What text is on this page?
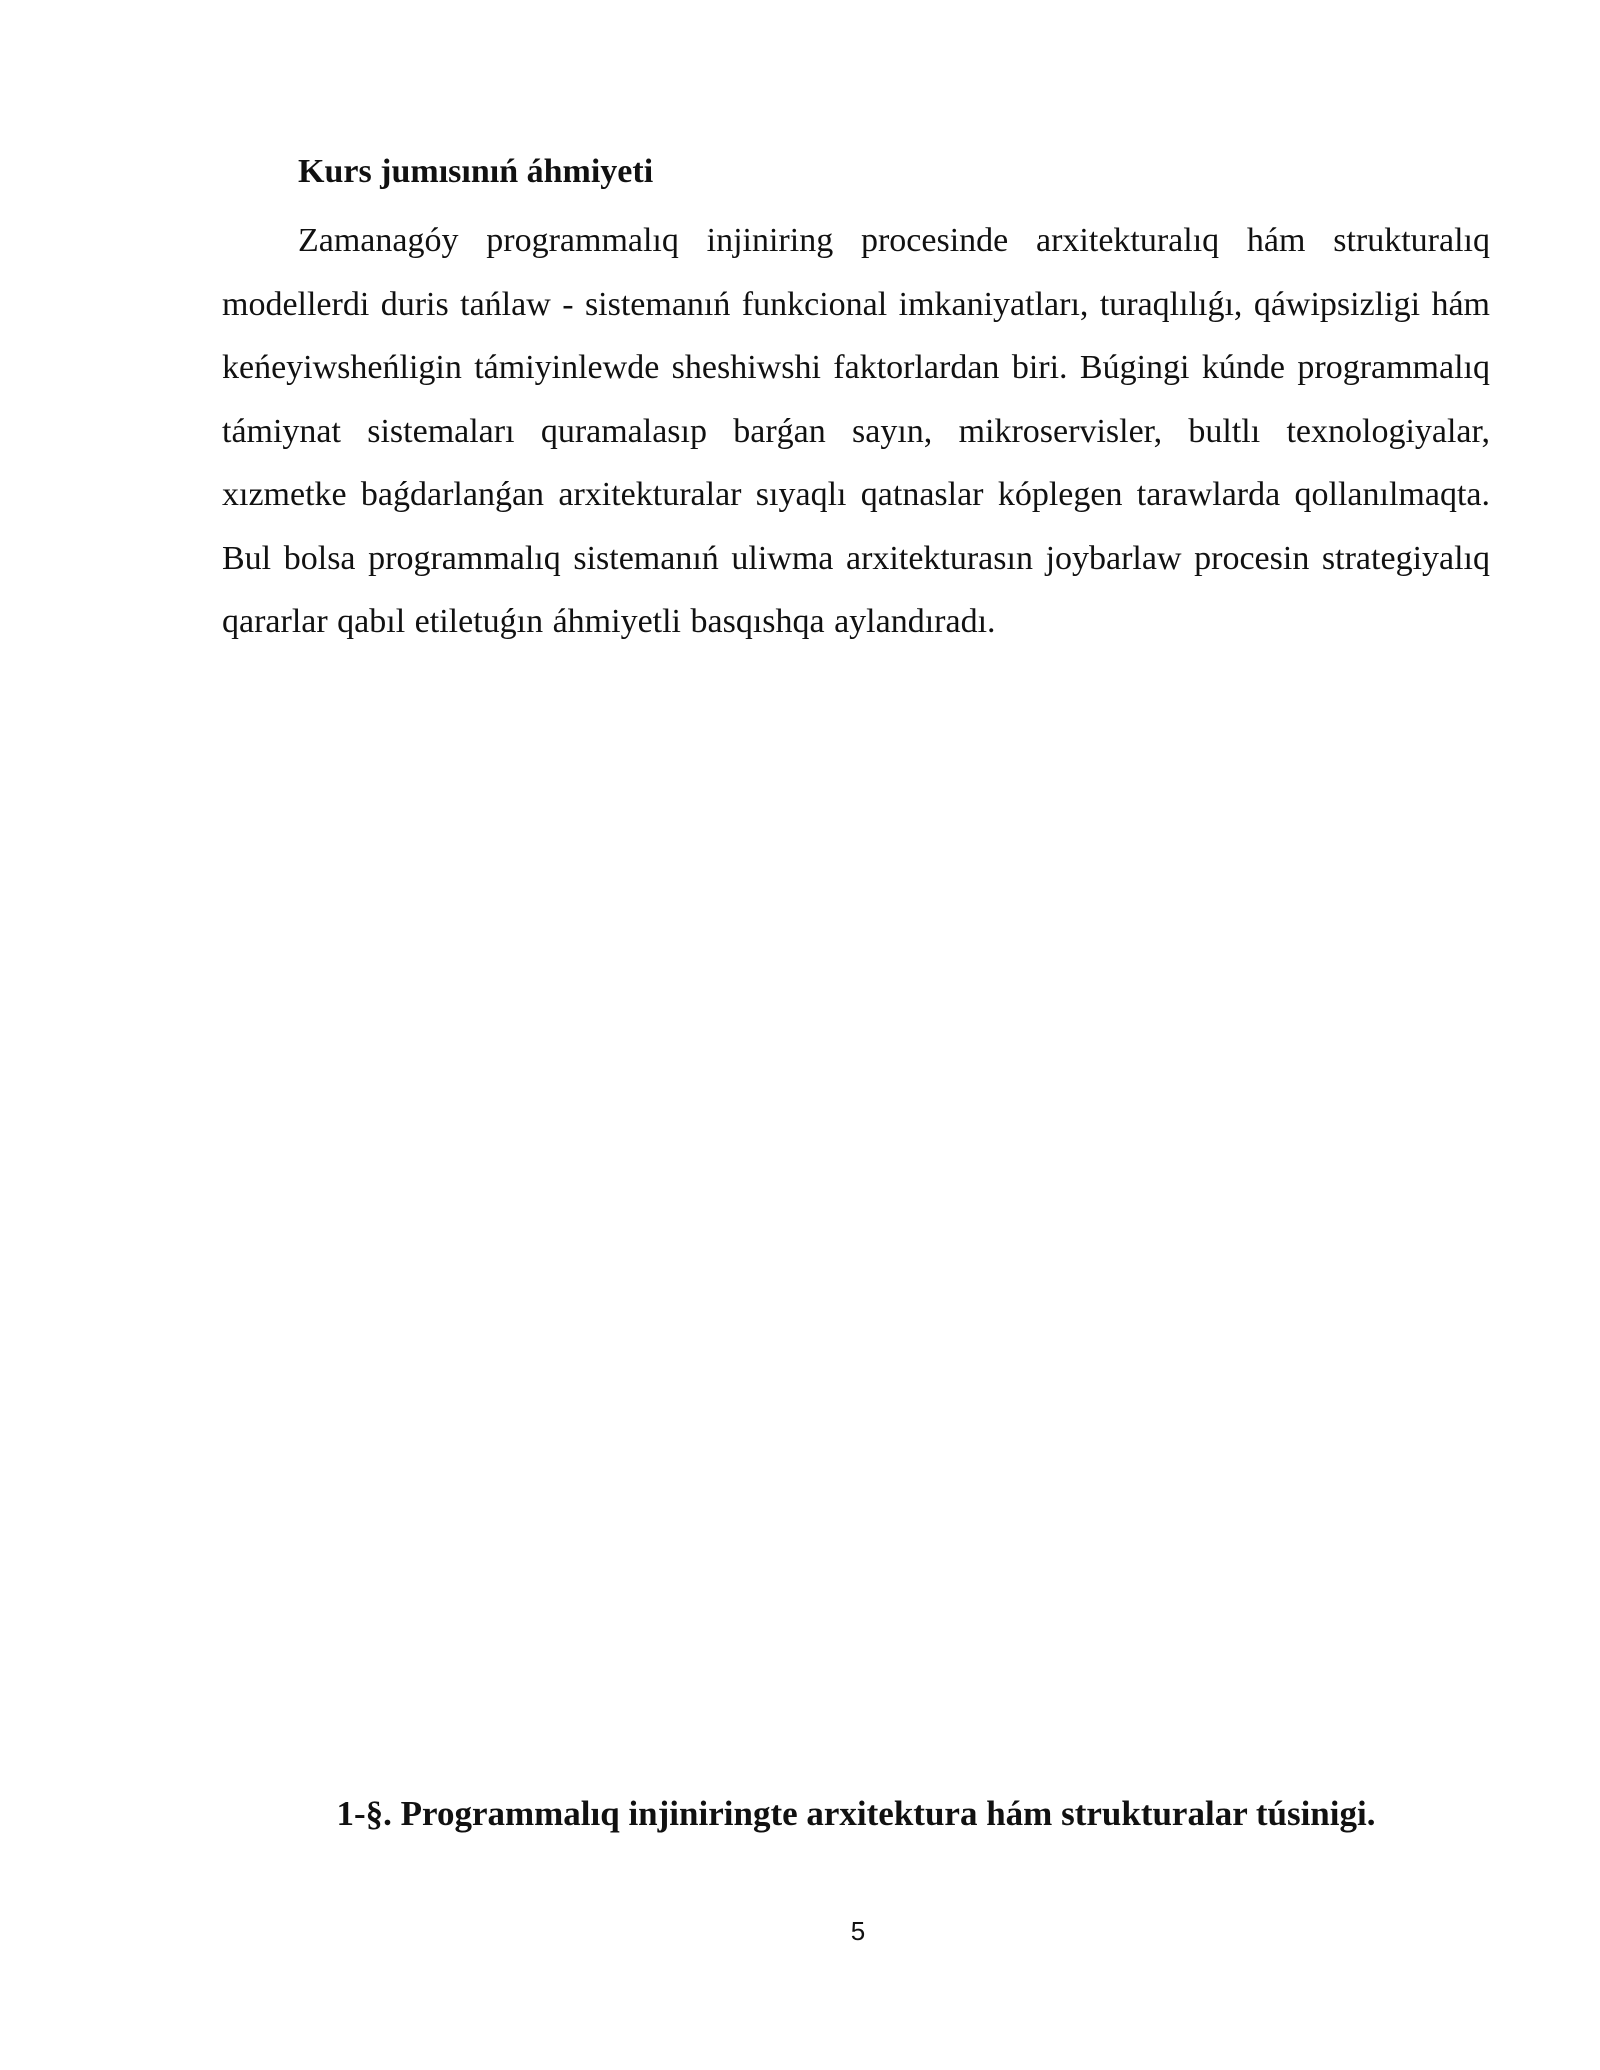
Kurs jumısınıń áhmiyeti

Zamanagóy programmalıq injiniring procesinde arxitekturalıq hám strukturalıq modellerdi duris tańlaw - sistemanıń funkcional imkaniyatları, turaqlılıǵı, qáwipsizligi hám keńeyiwsheńligin támiyinlewde sheshiwshi faktorlardan biri. Búgingi kúnde programmalıq támiynat sistemaları quramalasıp barǵan sayın, mikroservisler, bultlı texnologiyalar, xızmetke baǵdarlanǵan arxitekturalar sıyaqlı qatnaslar kóplegen tarawlarda qollanılmaqta. Bul bolsa programmalıq sistemanıń uliwma arxitekturasın joybarlaw procesin strategiyalıq qararlar qabıl etiletuǵın áhmiyetli basqıshqa aylandıradı.

1-§. Programmalıq injiniringte arxitektura hám strukturalar túsinigi.
5
